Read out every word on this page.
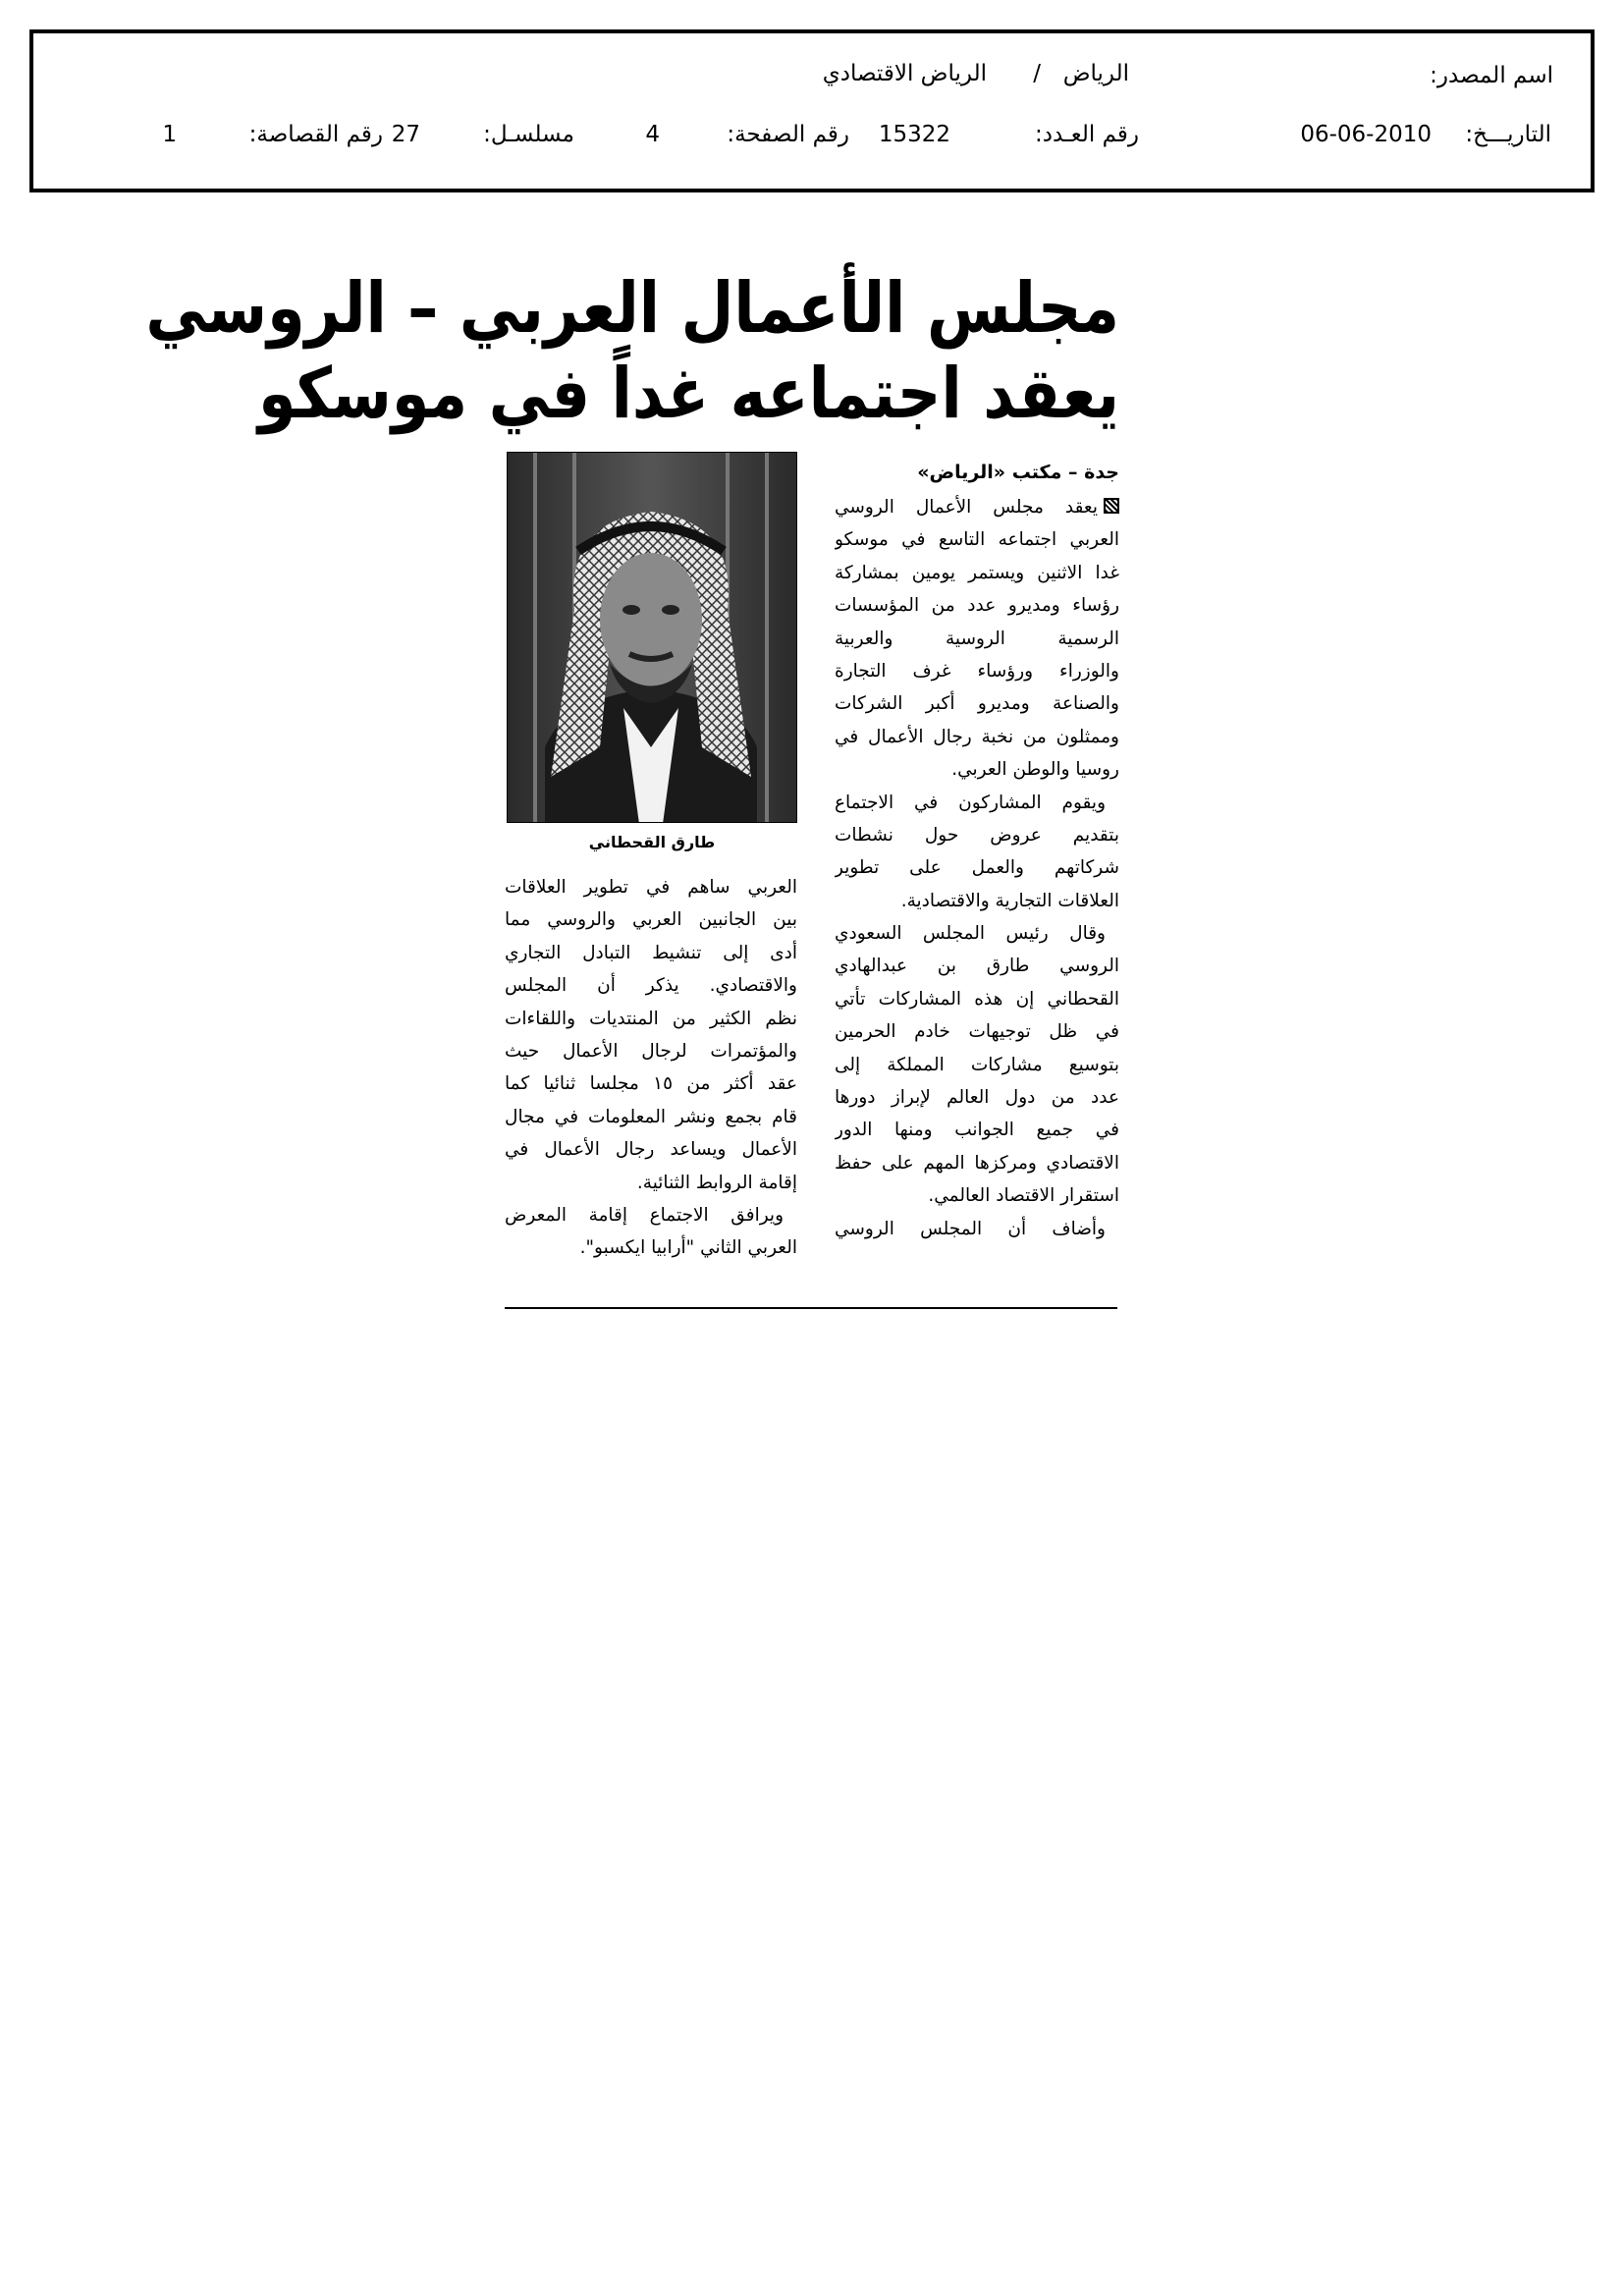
اسم المصدر:
الرياض
/
الرياض الاقتصادي
التاريـــخ:
06-06-2010
رقم العـدد:
15322
رقم الصفحة:
4
مسلسـل:
27
رقم القصاصة:
1
مجلس الأعمال العربي – الروسي
يعقد اجتماعه غداً في موسكو
جدة – مكتب «الرياض»
يعقد مجلس الأعمال الروسي
العربي اجتماعه التاسع في موسكو
غدا الاثنين ويستمر يومين بمشاركة
رؤساء ومديرو عدد من المؤسسات
الرسمية الروسية والعربية
والوزراء ورؤساء غرف التجارة
والصناعة ومديرو أكبر الشركات
وممثلون من نخبة رجال الأعمال في
روسيا والوطن العربي.
ويقوم المشاركون في الاجتماع
بتقديم عروض حول نشطات
شركاتهم والعمل على تطوير
العلاقات التجارية والاقتصادية.
وقال رئيس المجلس السعودي
الروسي طارق بن عبدالهادي
القحطاني إن هذه المشاركات تأتي
في ظل توجيهات خادم الحرمين
بتوسيع مشاركات المملكة إلى
عدد من دول العالم لإبراز دورها
في جميع الجوانب ومنها الدور
الاقتصادي ومركزها المهم على حفظ
استقرار الاقتصاد العالمي.
وأضاف أن المجلس الروسي
طارق القحطاني
العربي ساهم في تطوير العلاقات
بين الجانبين العربي والروسي مما
أدى إلى تنشيط التبادل التجاري
والاقتصادي. يذكر أن المجلس
نظم الكثير من المنتديات واللقاءات
والمؤتمرات لرجال الأعمال حيث
عقد أكثر من ١٥ مجلسا ثنائيا كما
قام بجمع ونشر المعلومات في مجال
الأعمال ويساعد رجال الأعمال في
إقامة الروابط الثنائية.
ويرافق الاجتماع إقامة المعرض
العربي الثاني "أرابيا ايكسبو".
